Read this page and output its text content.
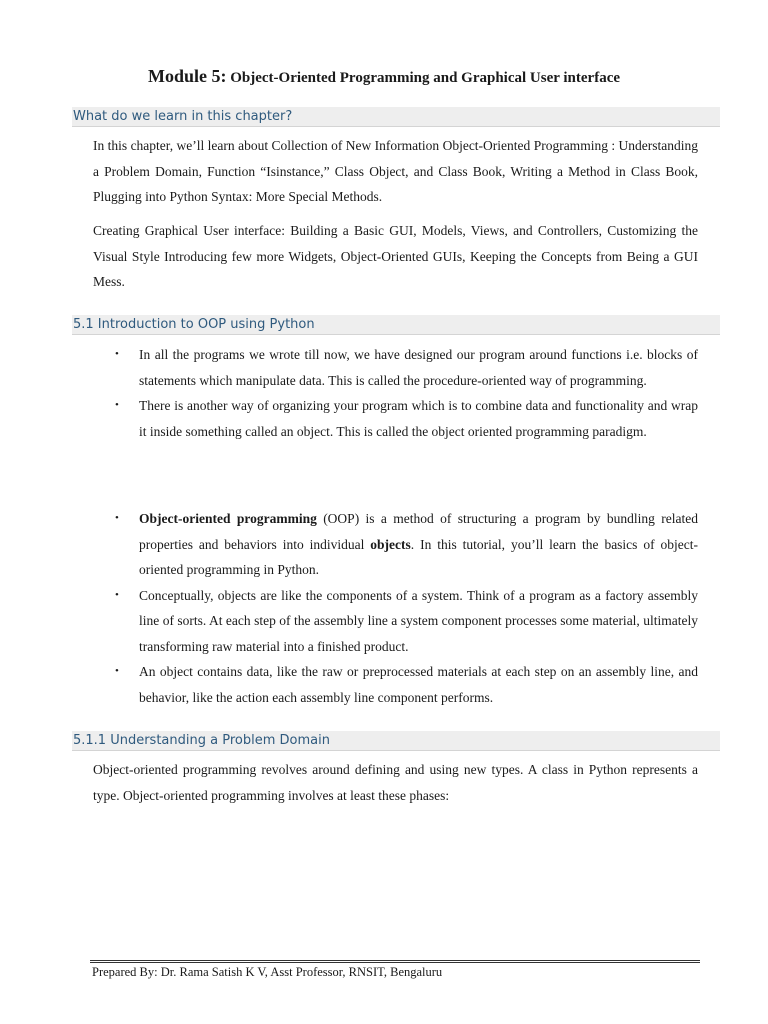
Module 5: Object-Oriented Programming and Graphical User interface
What do we learn in this chapter?

In this chapter, we’ll learn about Collection of New Information Object-Oriented Programming : Understanding a Problem Domain, Function “Isinstance,” Class Object, and Class Book, Writing a Method in Class Book, Plugging into Python Syntax: More Special Methods.

Creating Graphical User interface: Building a Basic GUI, Models, Views, and Controllers, Customizing the Visual Style Introducing few more Widgets, Object-Oriented GUIs, Keeping the Concepts from Being a GUI Mess.

5.1 Introduction to OOP using Python
• In all the programs we wrote till now, we have designed our program around functions i.e. blocks of statements which manipulate data. This is called the procedure-oriented way of programming.
• There is another way of organizing your program which is to combine data and functionality and wrap it inside something called an object. This is called the object oriented programming paradigm.
• Object-oriented programming (OOP) is a method of structuring a program by bundling related properties and behaviors into individual objects. In this tutorial, you’ll learn the basics of object-oriented programming in Python.
• Conceptually, objects are like the components of a system. Think of a program as a factory assembly line of sorts. At each step of the assembly line a system component processes some material, ultimately transforming raw material into a finished product.
• An object contains data, like the raw or preprocessed materials at each step on an assembly line, and behavior, like the action each assembly line component performs.
5.1.1 Understanding a Problem Domain

Object-oriented programming revolves around defining and using new types. A class in Python represents a type. Object-oriented programming involves at least these phases:

Prepared By: Dr. Rama Satish K V, Asst Professor, RNSIT, Bengaluru
